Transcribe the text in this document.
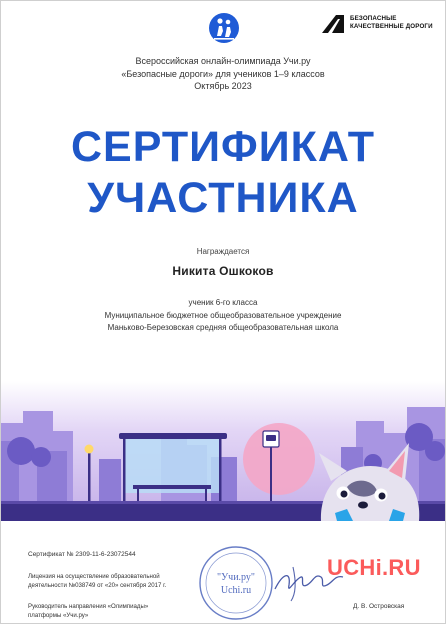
БЕЗОПАСНЫЕ
КАЧЕСТВЕННЫЕ ДОРОГИ
Всероссийская онлайн-олимпиада Учи.ру
«Безопасные дороги» для учеников 1–9 классов
Октябрь 2023
СЕРТИФИКАТ
УЧАСТНИКА
Награждается
Никита Ошкоков
ученик 6-го класса
Муниципальное бюджетное общеобразовательное учреждение
Маньково-Березовская средняя общеобразовательная школа
Сертификат № 2309-11-6-23072544
Лицензия на осуществление образовательной
деятельности №038749 от «20» сентября 2017 г.
Руководитель направления «Олимпиады»
платформы «Учи.ру»
"Учи.ру"
Uchi.ru
UCHi.RU
Д. В. Островская
